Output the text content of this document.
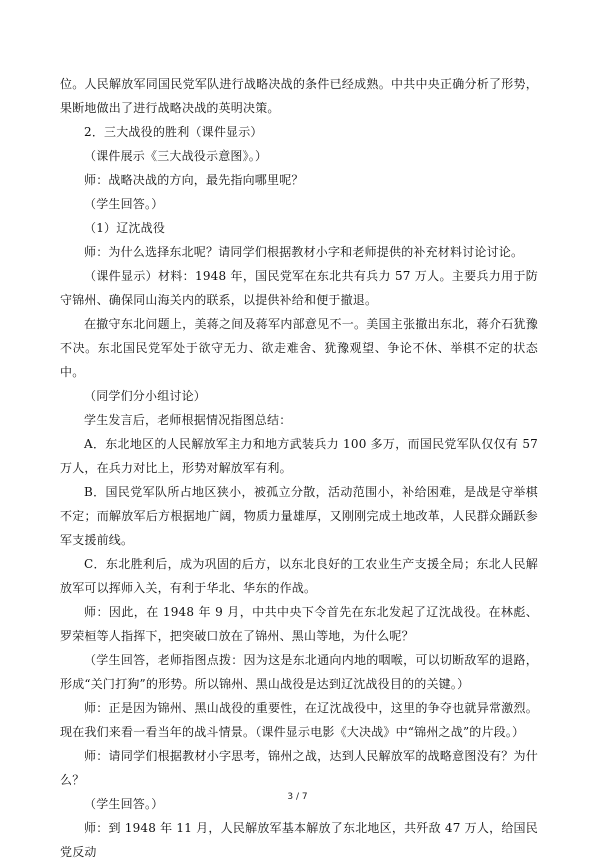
位。人民解放军同国民党军队进行战略决战的条件已经成熟。中共中央正确分析了形势，果断地做出了进行战略决战的英明决策。

2．三大战役的胜利（课件显示）

（课件展示《三大战役示意图》。）

师：战略决战的方向，最先指向哪里呢？

（学生回答。）

（1）辽沈战役

师：为什么选择东北呢？请同学们根据教材小字和老师提供的补充材料讨论讨论。

（课件显示）材料：1948 年，国民党军在东北共有兵力 57 万人。主要兵力用于防守锦州、确保同山海关内的联系，以提供补给和便于撤退。

在撤守东北问题上，美蒋之间及蒋军内部意见不一。美国主张撤出东北，蒋介石犹豫不决。东北国民党军处于欲守无力、欲走难舍、犹豫观望、争论不休、举棋不定的状态中。

（同学们分小组讨论）

学生发言后，老师根据情况指图总结：

A．东北地区的人民解放军主力和地方武装兵力 100 多万，而国民党军队仅仅有 57 万人，在兵力对比上，形势对解放军有利。

B．国民党军队所占地区狭小，被孤立分散，活动范围小，补给困难，是战是守举棋不定；而解放军后方根据地广阔，物质力量雄厚，又刚刚完成土地改革，人民群众踊跃参军支援前线。

C．东北胜利后，成为巩固的后方，以东北良好的工农业生产支援全局；东北人民解放军可以挥师入关，有利于华北、华东的作战。

师：因此，在 1948 年 9 月，中共中央下令首先在东北发起了辽沈战役。在林彪、罗荣桓等人指挥下，把突破口放在了锦州、黑山等地，为什么呢？

（学生回答，老师指图点拨：因为这是东北通向内地的咽喉，可以切断敌军的退路，形成“关门打狗”的形势。所以锦州、黑山战役是达到辽沈战役目的的关键。）

师：正是因为锦州、黑山战役的重要性，在辽沈战役中，这里的争夺也就异常激烈。现在我们来看一看当年的战斗情景。（课件显示电影《大决战》中“锦州之战”的片段。）

师：请同学们根据教材小字思考，锦州之战，达到人民解放军的战略意图没有？为什么？

（学生回答。）

师：到 1948 年 11 月，人民解放军基本解放了东北地区，共歼敌 47 万人，给国民党反动

3 / 7
